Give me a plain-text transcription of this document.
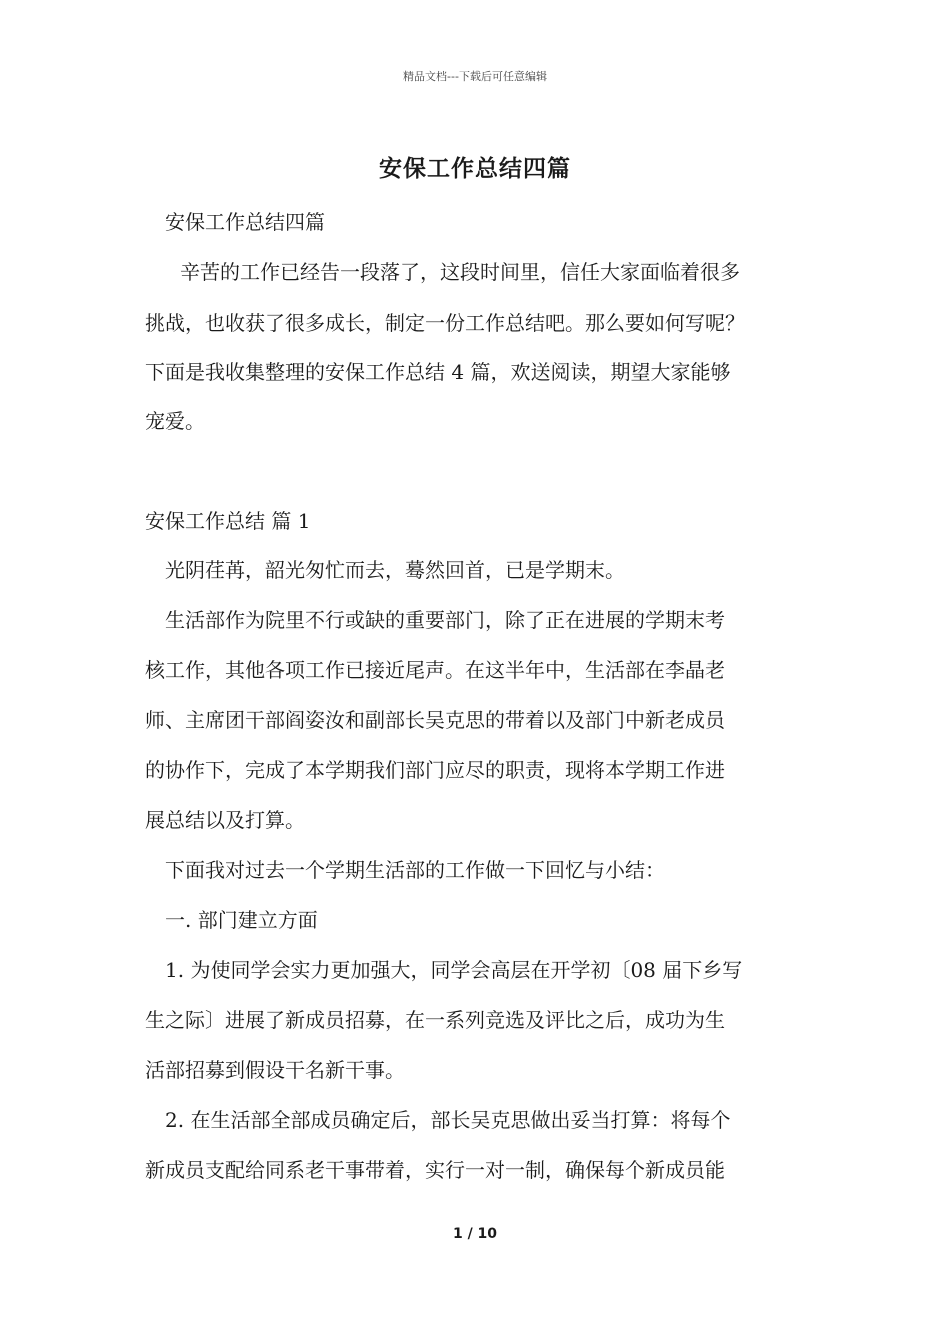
精品文档---下载后可任意编辑
安保工作总结四篇
安保工作总结四篇
辛苦的工作已经告一段落了，这段时间里，信任大家面临着很多
挑战，也收获了很多成长，制定一份工作总结吧。那么要如何写呢？
下面是我收集整理的安保工作总结 4 篇，欢送阅读，期望大家能够
宠爱。
安保工作总结 篇 1
光阴荏苒，韶光匆忙而去，蓦然回首，已是学期末。
生活部作为院里不行或缺的重要部门，除了正在进展的学期末考
核工作，其他各项工作已接近尾声。在这半年中，生活部在李晶老
师、主席团干部阎姿汝和副部长吴克思的带着以及部门中新老成员
的协作下，完成了本学期我们部门应尽的职责，现将本学期工作进
展总结以及打算。
下面我对过去一个学期生活部的工作做一下回忆与小结：
一. 部门建立方面
1. 为使同学会实力更加强大，同学会高层在开学初〔08 届下乡写
生之际〕进展了新成员招募，在一系列竞选及评比之后，成功为生
活部招募到假设干名新干事。
2. 在生活部全部成员确定后，部长吴克思做出妥当打算：将每个
新成员支配给同系老干事带着，实行一对一制，确保每个新成员能
1 / 10
